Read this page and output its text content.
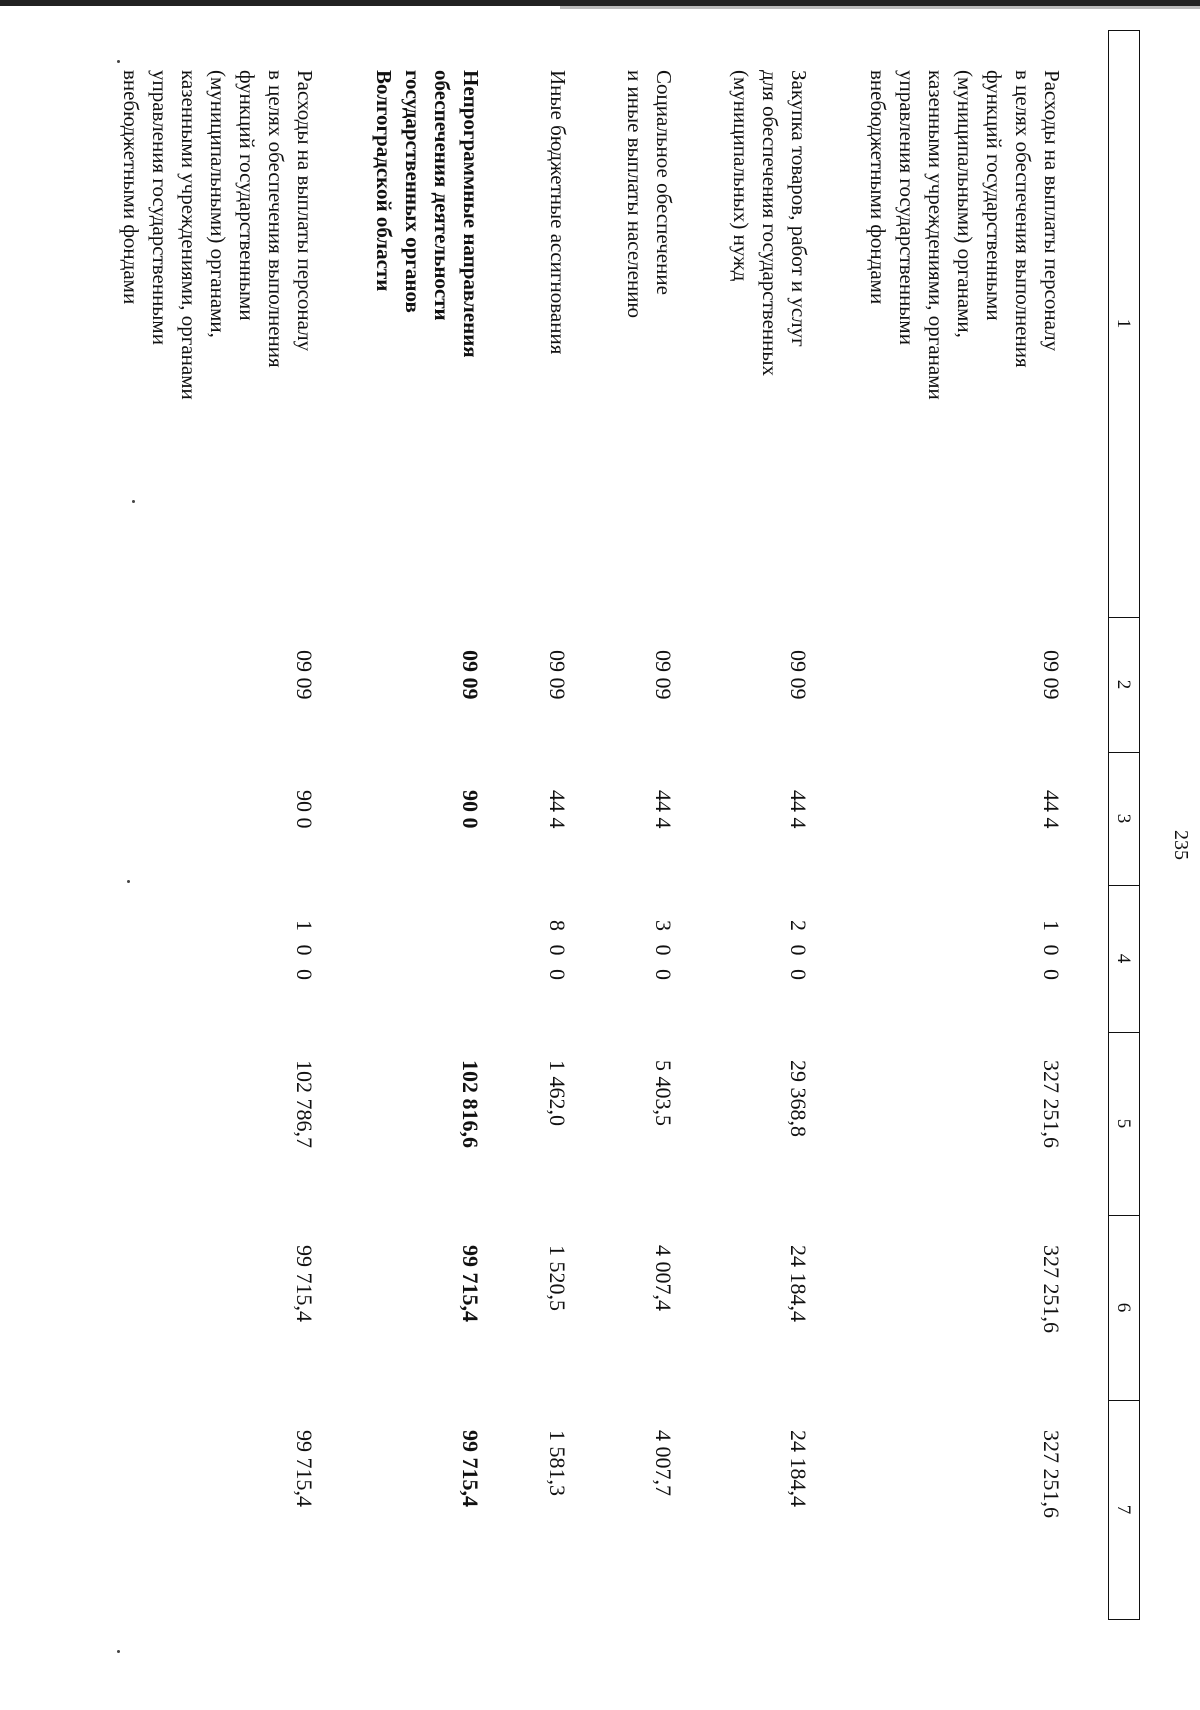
235
1
2
3
4
5
6
7
Расходы на выплаты персоналу
в целях обеспечения выполнения
функций государственными
(муниципальными) органами,
казенными учреждениями, органами
управления государственными
внебюджетными фондами
09 09
44 4
1 0 0
327 251,6
327 251,6
327 251,6
Закупка товаров, работ и услуг
для обеспечения государственных
(муниципальных) нужд
09 09
44 4
2 0 0
29 368,8
24 184,4
24 184,4
Социальное обеспечение
и иные выплаты населению
09 09
44 4
3 0 0
5 403,5
4 007,4
4 007,7
Иные бюджетные ассигнования
09 09
44 4
8 0 0
1 462,0
1 520,5
1 581,3
Непрограммные направления
обеспечения деятельности
государственных органов
Волгоградской области
09 09
90 0
102 816,6
99 715,4
99 715,4
Расходы на выплаты персоналу
в целях обеспечения выполнения
функций государственными
(муниципальными) органами,
казенными учреждениями, органами
управления государственными
внебюджетными фондами
09 09
90 0
1 0 0
102 786,7
99 715,4
99 715,4
